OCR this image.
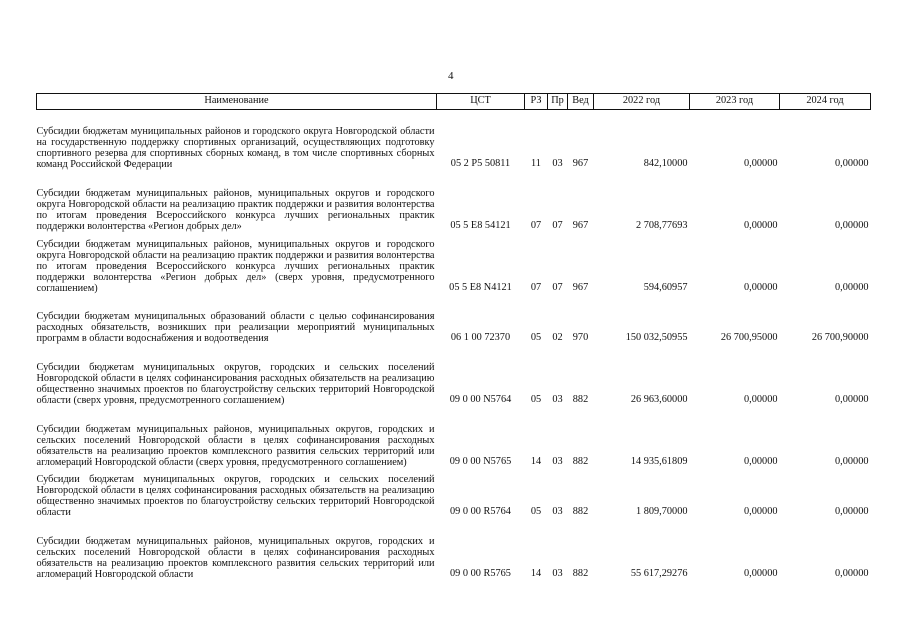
4
Наименование	ЦСТ	РЗ	Пр	Вед	2022 год	2023 год	2024 год
Субсидии бюджетам муниципальных районов и городского округа Новгородской области на государственную поддержку спортивных организаций, осуществляющих подготовку спортивного резерва для спортивных сборных команд, в том числе спортивных сборных команд Российской Федерации	05 2 P5 50811	11	03	967	842,10000	0,00000	0,00000
Субсидии бюджетам муниципальных районов, муниципальных округов и городского округа Новгородской области на реализацию практик поддержки и развития волонтерства по итогам проведения Всероссийского конкурса лучших региональных практик поддержки волонтерства «Регион добрых дел»	05 5 E8 54121	07	07	967	2 708,77693	0,00000	0,00000
Субсидии бюджетам муниципальных районов, муниципальных округов и городского округа Новгородской области на реализацию практик поддержки и развития волонтерства по итогам проведения Всероссийского конкурса лучших региональных практик поддержки волонтерства «Регион добрых дел» (сверх уровня, предусмотренного соглашением)	05 5 E8 N4121	07	07	967	594,60957	0,00000	0,00000
Субсидии бюджетам муниципальных образований области с целью софинансирования расходных обязательств, возникших при реализации мероприятий муниципальных программ в области водоснабжения и водоотведения	06 1 00 72370	05	02	970	150 032,50955	26 700,95000	26 700,90000
Субсидии бюджетам муниципальных округов, городских и сельских поселений Новгородской области в целях софинансирования расходных обязательств на реализацию общественно значимых проектов по благоустройству сельских территорий Новгородской области (сверх уровня, предусмотренного соглашением)	09 0 00 N5764	05	03	882	26 963,60000	0,00000	0,00000
Субсидии бюджетам муниципальных районов, муниципальных округов, городских и сельских поселений Новгородской области в целях софинансирования расходных обязательств на реализацию проектов комплексного развития сельских территорий или агломераций Новгородской области (сверх уровня, предусмотренного соглашением)	09 0 00 N5765	14	03	882	14 935,61809	0,00000	0,00000
Субсидии бюджетам муниципальных округов, городских и сельских поселений Новгородской области в целях софинансирования расходных обязательств на реализацию общественно значимых проектов по благоустройству сельских территорий Новгородской области	09 0 00 R5764	05	03	882	1 809,70000	0,00000	0,00000
Субсидии бюджетам муниципальных районов, муниципальных округов, городских и сельских поселений Новгородской области в целях софинансирования расходных обязательств на реализацию проектов комплексного развития сельских территорий или агломераций Новгородской области	09 0 00 R5765	14	03	882	55 617,29276	0,00000	0,00000
